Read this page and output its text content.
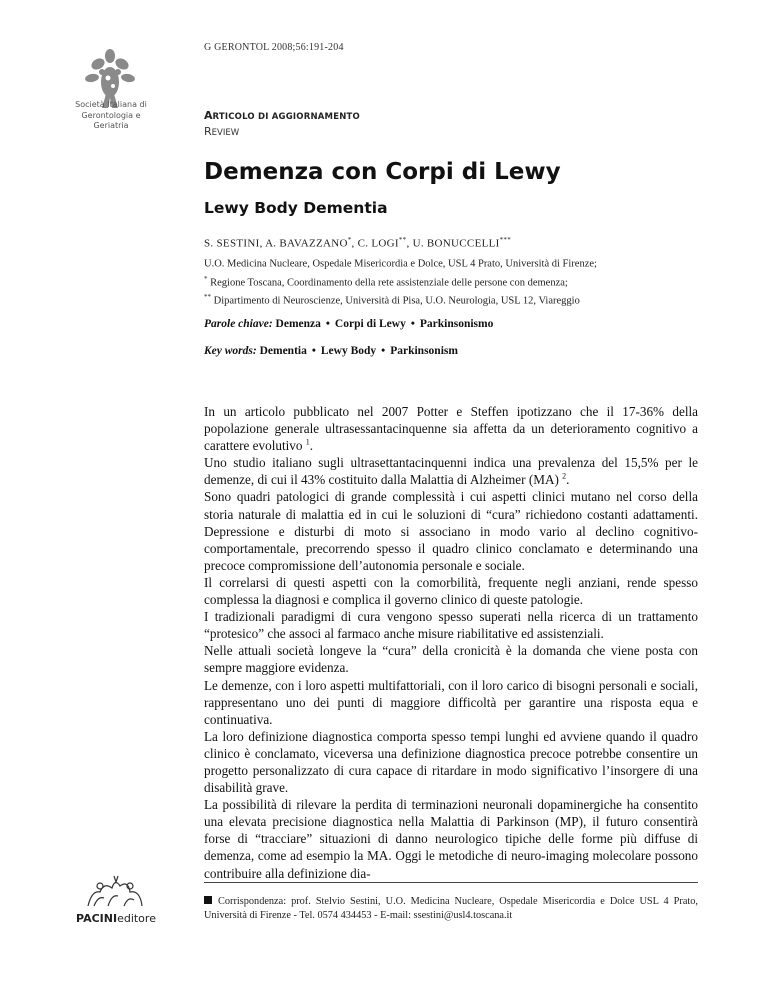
Società Italiana di
Gerontologia e
Geriatria
G GERONTOL 2008;56:191-204
ARTICOLO DI AGGIORNAMENTO
REVIEW
Demenza con Corpi di Lewy
Lewy Body Dementia
S. SESTINI, A. BAVAZZANO*, C. LOGI**, U. BONUCCELLI***
U.O. Medicina Nucleare, Ospedale Misericordia e Dolce, USL 4 Prato, Università di Firenze;
* Regione Toscana, Coordinamento della rete assistenziale delle persone con demenza;
** Dipartimento di Neuroscienze, Università di Pisa, U.O. Neurologia, USL 12, Viareggio
Parole chiave: Demenza • Corpi di Lewy • Parkinsonismo
Key words: Dementia • Lewy Body • Parkinsonism

In un articolo pubblicato nel 2007 Potter e Steffen ipotizzano che il 17-36% della popolazione generale ultrasessantacinquenne sia affetta da un deterioramento cognitivo a carattere evolutivo $^1$.

Uno studio italiano sugli ultrasettantacinquenni indica una prevalenza del 15,5% per le demenze, di cui il 43% costituito dalla Malattia di Alzheimer (MA) $^2$.

Sono quadri patologici di grande complessità i cui aspetti clinici mutano nel corso della storia naturale di malattia ed in cui le soluzioni di “cura” richiedono costanti adattamenti. Depressione e disturbi di moto si associano in modo vario al declino cognitivo-comportamentale, precorrendo spesso il quadro clinico conclamato e determinando una precoce compromissione dell’autonomia personale e sociale.

Il correlarsi di questi aspetti con la comorbilità, frequente negli anziani, rende spesso complessa la diagnosi e complica il governo clinico di queste patologie.

I tradizionali paradigmi di cura vengono spesso superati nella ricerca di un trattamento “protesico” che associ al farmaco anche misure riabilitative ed assistenziali.

Nelle attuali società longeve la “cura” della cronicità è la domanda che viene posta con sempre maggiore evidenza.

Le demenze, con i loro aspetti multifattoriali, con il loro carico di bisogni personali e sociali, rappresentano uno dei punti di maggiore difficoltà per garantire una risposta equa e continuativa.

La loro definizione diagnostica comporta spesso tempi lunghi ed avviene quando il quadro clinico è conclamato, viceversa una definizione diagnostica precoce potrebbe consentire un progetto personalizzato di cura capace di ritardare in modo significativo l’insorgere di una disabilità grave.

La possibilità di rilevare la perdita di terminazioni neuronali dopaminergiche ha consentito una elevata precisione diagnostica nella Malattia di Parkinson (MP), il futuro consentirà forse di “tracciare” situazioni di danno neurologico tipiche delle forme più diffuse di demenza, come ad esempio la MA. Oggi le metodiche di neuro-imaging molecolare possono contribuire alla definizione dia-

Corrispondenza: prof. Stelvio Sestini, U.O. Medicina Nucleare, Ospedale Misericordia e Dolce USL 4 Prato, Università di Firenze - Tel. 0574 434453 - E-mail: ssestini@usl4.toscana.it
PACINIeditore
